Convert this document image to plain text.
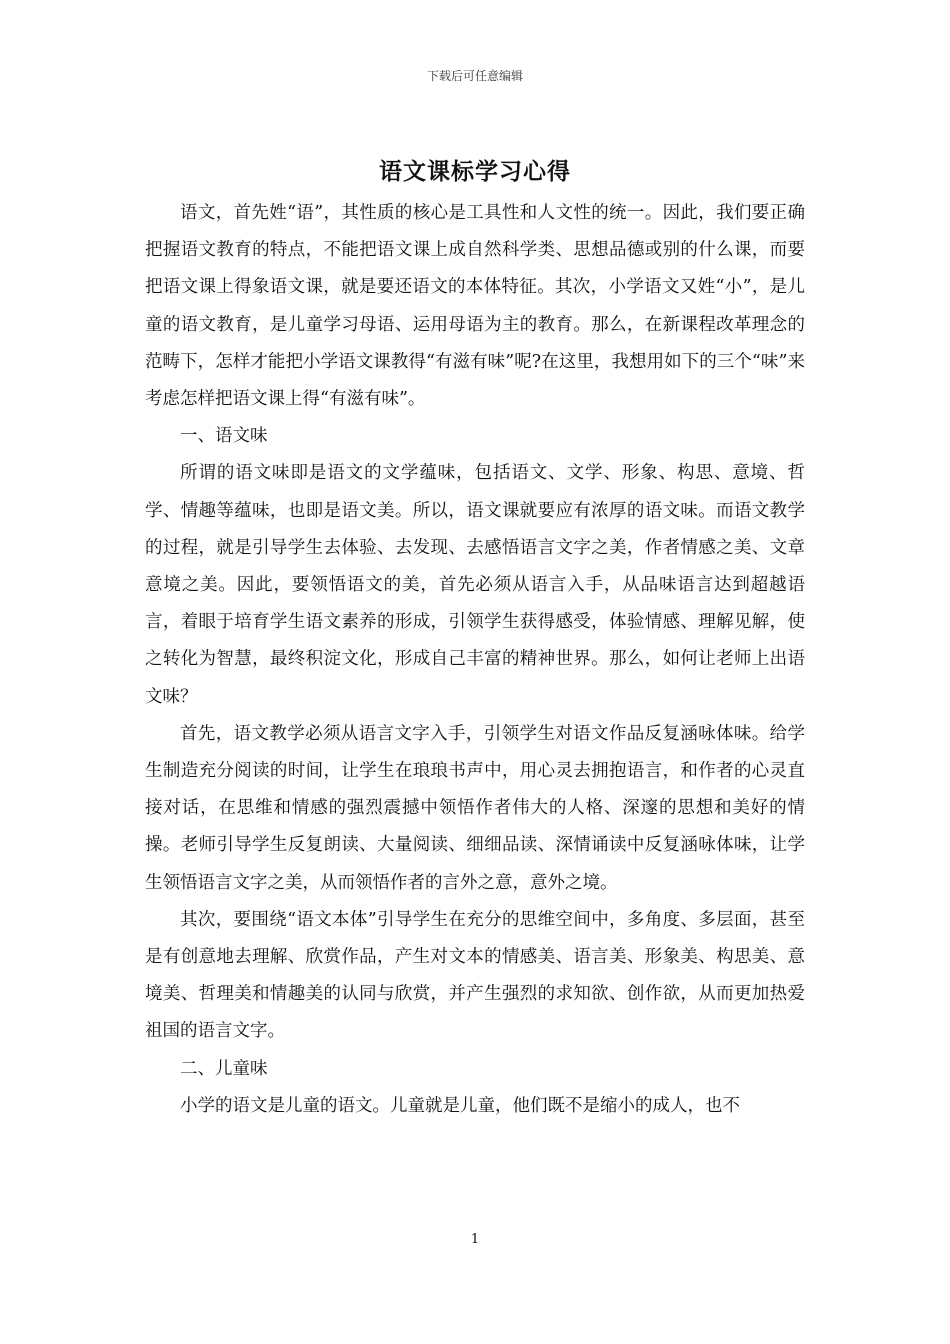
下载后可任意编辑
语文课标学习心得

语文，首先姓“语”，其性质的核心是工具性和人文性的统一。因此，我们要正确把握语文教育的特点，不能把语文课上成自然科学类、思想品德或别的什么课，而要把语文课上得象语文课，就是要还语文的本体特征。其次，小学语文又姓“小”，是儿童的语文教育，是儿童学习母语、运用母语为主的教育。那么，在新课程改革理念的范畴下，怎样才能把小学语文课教得“有滋有味”呢?在这里，我想用如下的三个“味”来考虑怎样把语文课上得“有滋有味”。

一、语文味

所谓的语文味即是语文的文学蕴味，包括语文、文学、形象、构思、意境、哲学、情趣等蕴味，也即是语文美。所以，语文课就要应有浓厚的语文味。而语文教学的过程，就是引导学生去体验、去发现、去感悟语言文字之美，作者情感之美、文章意境之美。因此，要领悟语文的美，首先必须从语言入手，从品味语言达到超越语言，着眼于培育学生语文素养的形成，引领学生获得感受，体验情感、理解见解，使之转化为智慧，最终积淀文化，形成自己丰富的精神世界。那么，如何让老师上出语文味？

首先，语文教学必须从语言文字入手，引领学生对语文作品反复涵咏体味。给学生制造充分阅读的时间，让学生在琅琅书声中，用心灵去拥抱语言，和作者的心灵直接对话，在思维和情感的强烈震撼中领悟作者伟大的人格、深邃的思想和美好的情操。老师引导学生反复朗读、大量阅读、细细品读、深情诵读中反复涵咏体味，让学生领悟语言文字之美，从而领悟作者的言外之意，意外之境。

其次，要围绕“语文本体”引导学生在充分的思维空间中，多角度、多层面，甚至是有创意地去理解、欣赏作品，产生对文本的情感美、语言美、形象美、构思美、意境美、哲理美和情趣美的认同与欣赏，并产生强烈的求知欲、创作欲，从而更加热爱祖国的语言文字。

二、儿童味

小学的语文是儿童的语文。儿童就是儿童，他们既不是缩小的成人，也不

1
